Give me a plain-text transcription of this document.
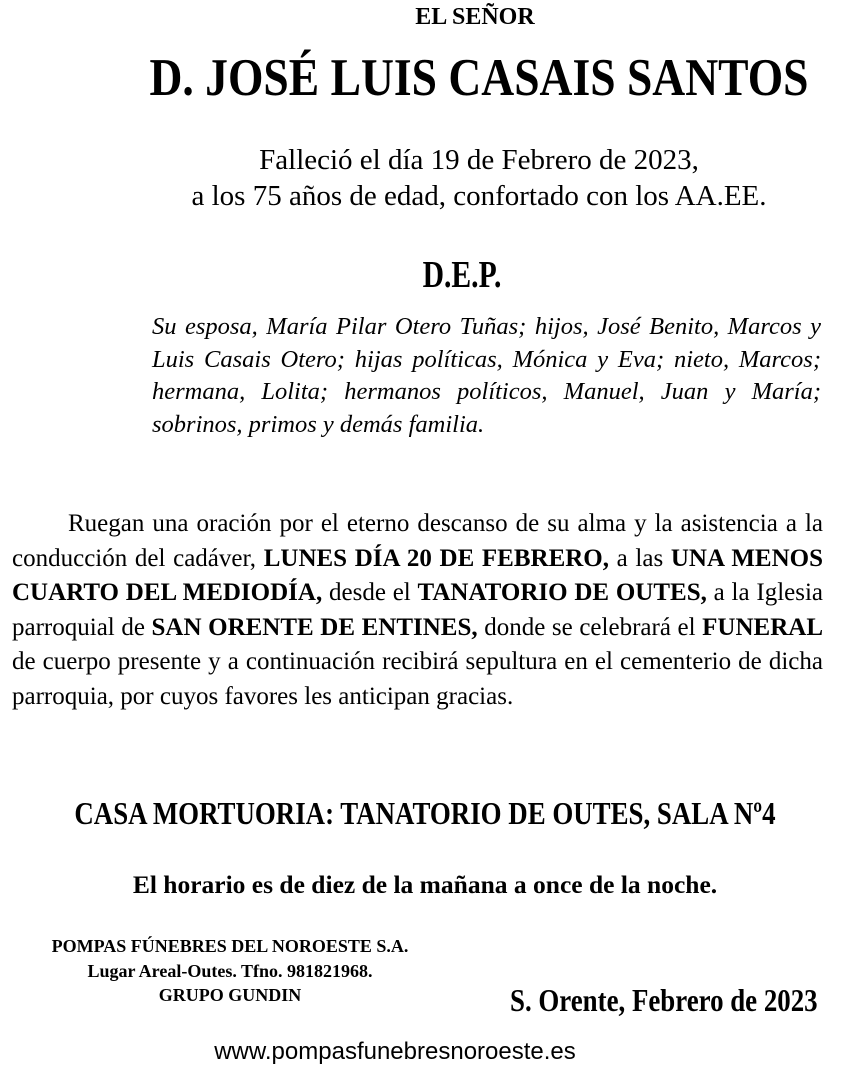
EL SEÑOR
D. JOSÉ LUIS CASAIS SANTOS
Falleció el día 19 de Febrero de 2023,
a los 75 años de edad, confortado con los AA.EE.
D.E.P.

Su esposa, María Pilar Otero Tuñas; hijos, José Benito, Marcos y Luis Casais Otero; hijas políticas, Mónica y Eva; nieto, Marcos; hermana, Lolita; hermanos políticos, Manuel, Juan y María; sobrinos, primos y demás familia.

Ruegan una oración por el eterno descanso de su alma y la asistencia a la conducción del cadáver, LUNES DÍA 20 DE FEBRERO, a las UNA MENOS CUARTO DEL MEDIODÍA, desde el TANATORIO DE OUTES, a la Iglesia parroquial de SAN ORENTE DE ENTINES, donde se celebrará el FUNERAL de cuerpo presente y a continuación recibirá sepultura en el cementerio de dicha parroquia, por cuyos favores les anticipan gracias.

CASA MORTUORIA: TANATORIO DE OUTES, SALA Nº4
El horario es de diez de la mañana a once de la noche.
POMPAS FÚNEBRES DEL NOROESTE S.A.
Lugar Areal-Outes. Tfno. 981821968.
GRUPO GUNDIN	S. Orente, Febrero de 2023
www.pompasfunebresnoroeste.es
